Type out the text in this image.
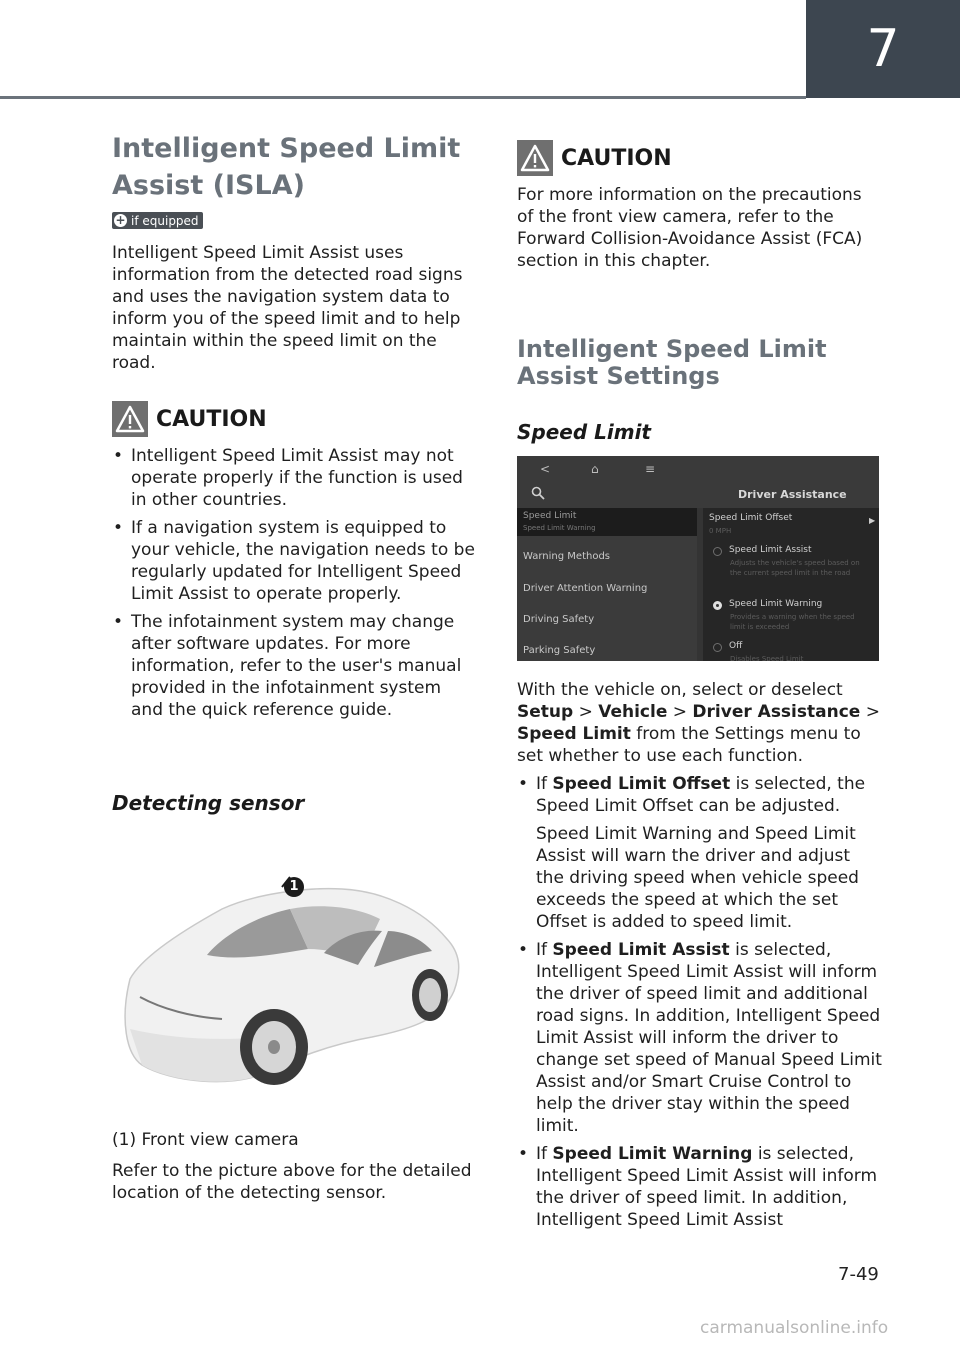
7
Intelligent Speed Limit Assist (ISLA)
+ if equipped

Intelligent Speed Limit Assist uses information from the detected road signs and uses the navigation system data to inform you of the speed limit and to help maintain within the speed limit on the road.

CAUTION
• Intelligent Speed Limit Assist may not operate properly if the function is used in other countries.
• If a navigation system is equipped to your vehicle, the navigation needs to be regularly updated for Intelligent Speed Limit Assist to operate properly.
• The infotainment system may change after software updates. For more information, refer to the user's manual provided in the infotainment system and the quick reference guide.
Detecting sensor
1

(1) Front view camera

Refer to the picture above for the detailed location of the detecting sensor.

CAUTION

For more information on the precautions of the front view camera, refer to the Forward Collision-Avoidance Assist (FCA) section in this chapter.

Intelligent Speed Limit Assist Settings
Speed Limit
<	⌂	≡
Driver Assistance
Speed Limit
Speed Limit Warning
Warning Methods
Driver Attention Warning
Driving Safety
Parking Safety
Speed Limit Offset
0 MPH
▶
Speed Limit Assist
Adjusts the vehicle's speed based on the current speed limit in the road
Speed Limit Warning
Provides a warning when the speed limit is exceeded
Off
Disables Speed Limit

With the vehicle on, select or deselect Setup > Vehicle > Driver Assistance > Speed Limit from the Settings menu to set whether to use each function.

• If Speed Limit Offset is selected, the Speed Limit Offset can be adjusted.
Speed Limit Warning and Speed Limit Assist will warn the driver and adjust the driving speed when vehicle speed exceeds the speed at which the set Offset is added to speed limit.
• If Speed Limit Assist is selected, Intelligent Speed Limit Assist will inform the driver of speed limit and additional road signs. In addition, Intelligent Speed Limit Assist will inform the driver to change set speed of Manual Speed Limit Assist and/or Smart Cruise Control to help the driver stay within the speed limit.
• If Speed Limit Warning is selected, Intelligent Speed Limit Assist will inform the driver of speed limit. In addition, Intelligent Speed Limit Assist
7-49
carmanualsonline.info
